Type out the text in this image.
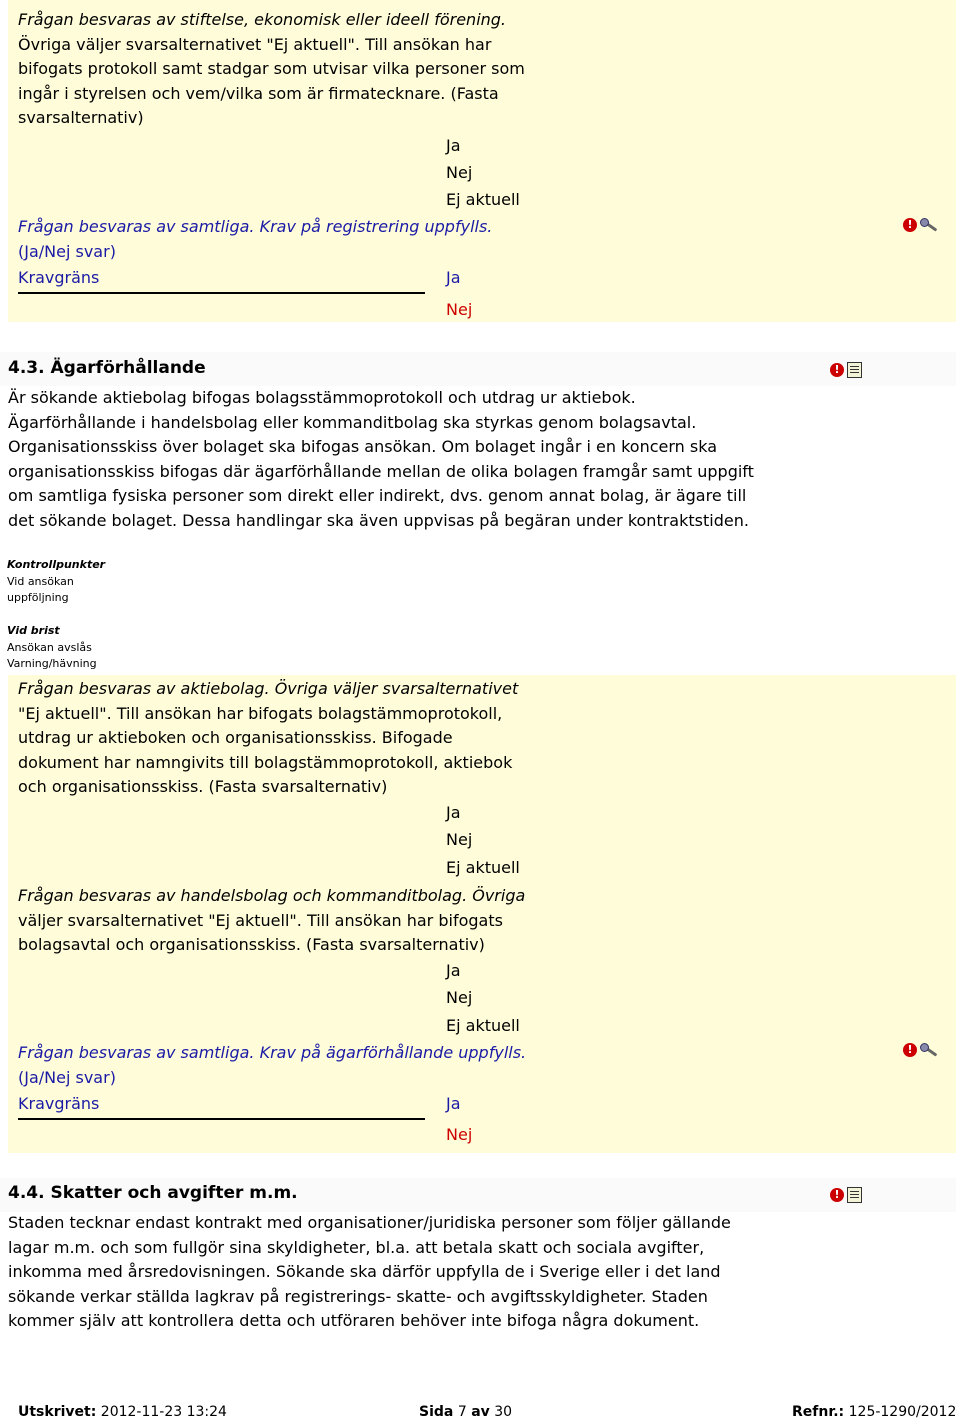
Frågan besvaras av stiftelse, ekonomisk eller ideell förening.
Övriga väljer svarsalternativet "Ej aktuell". Till ansökan har
bifogats protokoll samt stadgar som utvisar vilka personer som
ingår i styrelsen och vem/vilka som är firmatecknare. (Fasta
svarsalternativ)

Ja
Nej
Ej aktuell

Frågan besvaras av samtliga. Krav på registrering uppfylls.
(Ja/Nej svar)

!
Kravgräns	Ja
Nej
4.3. Ägarförhållande	!

Är sökande aktiebolag bifogas bolagsstämmoprotokoll och utdrag ur aktiebok.
Ägarförhållande i handelsbolag eller kommanditbolag ska styrkas genom bolagsavtal.
Organisationsskiss över bolaget ska bifogas ansökan. Om bolaget ingår i en koncern ska
organisationsskiss bifogas där ägarförhållande mellan de olika bolagen framgår samt uppgift
om samtliga fysiska personer som direkt eller indirekt, dvs. genom annat bolag, är ägare till
det sökande bolaget. Dessa handlingar ska även uppvisas på begäran under kontraktstiden.

Kontrollpunkter
Vid ansökan
uppföljning
Vid brist
Ansökan avslås
Varning/hävning

Frågan besvaras av aktiebolag. Övriga väljer svarsalternativet
"Ej aktuell". Till ansökan har bifogats bolagstämmoprotokoll,
utdrag ur aktieboken och organisationsskiss. Bifogade
dokument har namngivits till bolagstämmoprotokoll, aktiebok
och organisationsskiss. (Fasta svarsalternativ)

Ja
Nej
Ej aktuell

Frågan besvaras av handelsbolag och kommanditbolag. Övriga
väljer svarsalternativet "Ej aktuell". Till ansökan har bifogats
bolagsavtal och organisationsskiss. (Fasta svarsalternativ)

Ja
Nej
Ej aktuell

Frågan besvaras av samtliga. Krav på ägarförhållande uppfylls.
(Ja/Nej svar)

!
Kravgräns	Ja
Nej
4.4. Skatter och avgifter m.m.	!

Staden tecknar endast kontrakt med organisationer/juridiska personer som följer gällande
lagar m.m. och som fullgör sina skyldigheter, bl.a. att betala skatt och sociala avgifter,
inkomma med årsredovisningen. Sökande ska därför uppfylla de i Sverige eller i det land
sökande verkar ställda lagkrav på registrerings- skatte- och avgiftsskyldigheter. Staden
kommer själv att kontrollera detta och utföraren behöver inte bifoga några dokument.

Utskrivet: 2012-11-23 13:24	Sida 7 av 30	Refnr.: 125-1290/2012
